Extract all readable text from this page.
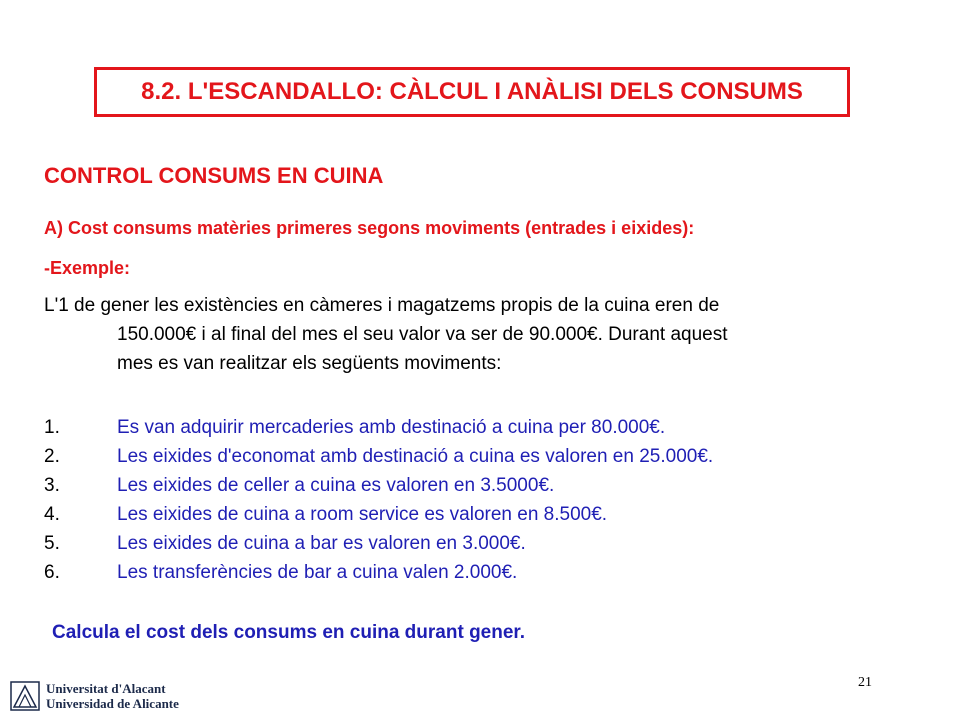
8.2. L'ESCANDALLO: CÀLCUL I ANÀLISI DELS CONSUMS
CONTROL CONSUMS EN CUINA
A) Cost consums matèries primeres segons moviments (entrades i eixides):
-Exemple:
L'1 de gener les existències en càmeres i magatzems propis de la cuina eren de
150.000€ i al final del mes el seu valor va ser de 90.000€. Durant aquest
mes es van realitzar els següents moviments:
1.	Es van adquirir mercaderies amb destinació a cuina per 80.000€.
2.	Les eixides d'economat amb destinació a cuina es valoren en 25.000€.
3.	Les eixides de celler a cuina es valoren en 3.5000€.
4.	Les eixides de cuina a room service es valoren en 8.500€.
5.	Les eixides de cuina a bar es valoren en 3.000€.
6.	Les transferències de bar a cuina valen 2.000€.
Calcula el cost dels consums en cuina durant gener.
Universitat d'Alacant
Universidad de Alicante
21
